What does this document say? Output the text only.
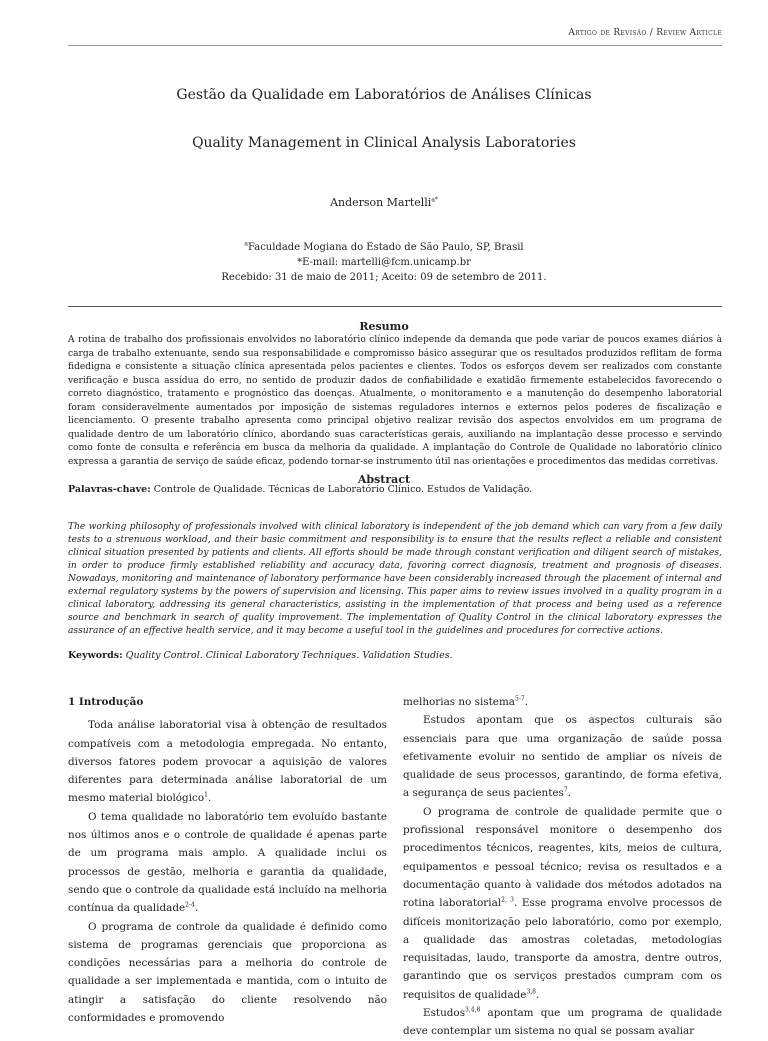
Artigo de Revisão / Review Article
Gestão da Qualidade em Laboratórios de Análises Clínicas
Quality Management in Clinical Analysis Laboratories
Anderson Martelli$^{a*}$
$^a$Faculdade Mogiana do Estado de São Paulo, SP, Brasil
*E-mail: martelli@fcm.unicamp.br
Recebido: 31 de maio de 2011; Aceito: 09 de setembro de 2011.
Resumo
A rotina de trabalho dos profissionais envolvidos no laboratório clínico independe da demanda que pode variar de poucos exames diários à carga de trabalho extenuante, sendo sua responsabilidade e compromisso básico assegurar que os resultados produzidos reflitam de forma fidedigna e consistente a situação clínica apresentada pelos pacientes e clientes. Todos os esforços devem ser realizados com constante verificação e busca assídua do erro, no sentido de produzir dados de confiabilidade e exatidão firmemente estabelecidos favorecendo o correto diagnóstico, tratamento e prognóstico das doenças. Atualmente, o monitoramento e a manutenção do desempenho laboratorial foram consideravelmente aumentados por imposição de sistemas reguladores internos e externos pelos poderes de fiscalização e licenciamento. O presente trabalho apresenta como principal objetivo realizar revisão dos aspectos envolvidos em um programa de qualidade dentro de um laboratório clínico, abordando suas características gerais, auxiliando na implantação desse processo e servindo como fonte de consulta e referência em busca da melhoria da qualidade. A implantação do Controle de Qualidade no laboratório clínico expressa a garantia de serviço de saúde eficaz, podendo tornar-se instrumento útil nas orientações e procedimentos das medidas corretivas.
Palavras-chave: Controle de Qualidade. Técnicas de Laboratório Clínico. Estudos de Validação.
Abstract
The working philosophy of professionals involved with clinical laboratory is independent of the job demand which can vary from a few daily tests to a strenuous workload, and their basic commitment and responsibility is to ensure that the results reflect a reliable and consistent clinical situation presented by patients and clients. All efforts should be made through constant verification and diligent search of mistakes, in order to produce firmly established reliability and accuracy data, favoring correct diagnosis, treatment and prognosis of diseases. Nowadays, monitoring and maintenance of laboratory performance have been considerably increased through the placement of internal and external regulatory systems by the powers of supervision and licensing. This paper aims to review issues involved in a quality program in a clinical laboratory, addressing its general characteristics, assisting in the implementation of that process and being used as a reference source and benchmark in search of quality improvement. The implementation of Quality Control in the clinical laboratory expresses the assurance of an effective health service, and it may become a useful tool in the guidelines and procedures for corrective actions.
Keywords: Quality Control. Clinical Laboratory Techniques. Validation Studies.
1 Introdução

Toda análise laboratorial visa à obtenção de resultados compatíveis com a metodologia empregada. No entanto, diversos fatores podem provocar a aquisição de valores diferentes para determinada análise laboratorial de um mesmo material biológico$^1$.

O tema qualidade no laboratório tem evoluído bastante nos últimos anos e o controle de qualidade é apenas parte de um programa mais amplo. A qualidade inclui os processos de gestão, melhoria e garantia da qualidade, sendo que o controle da qualidade está incluído na melhoria contínua da qualidade$^{2-4}$.

O programa de controle da qualidade é definido como sistema de programas gerenciais que proporciona as condições necessárias para a melhoria do controle de qualidade a ser implementada e mantida, com o intuito de atingir a satisfação do cliente resolvendo não conformidades e promovendo

melhorias no sistema$^{5-7}$.

Estudos apontam que os aspectos culturais são essenciais para que uma organização de saúde possa efetivamente evoluir no sentido de ampliar os níveis de qualidade de seus processos, garantindo, de forma efetiva, a segurança de seus pacientes$^7$.

O programa de controle de qualidade permite que o profissional responsável monitore o desempenho dos procedimentos técnicos, reagentes, kits, meios de cultura, equipamentos e pessoal técnico; revisa os resultados e a documentação quanto à validade dos métodos adotados na rotina laboratorial$^{2, 3}$. Esse programa envolve processos de difíceis monitorização pelo laboratório, como por exemplo, a qualidade das amostras coletadas, metodologias requisitadas, laudo, transporte da amostra, dentre outros, garantindo que os serviços prestados cumpram com os requisitos de qualidade$^{3,8}$.

Estudos$^{3,4,8}$ apontam que um programa de qualidade deve contemplar um sistema no qual se possam avaliar
